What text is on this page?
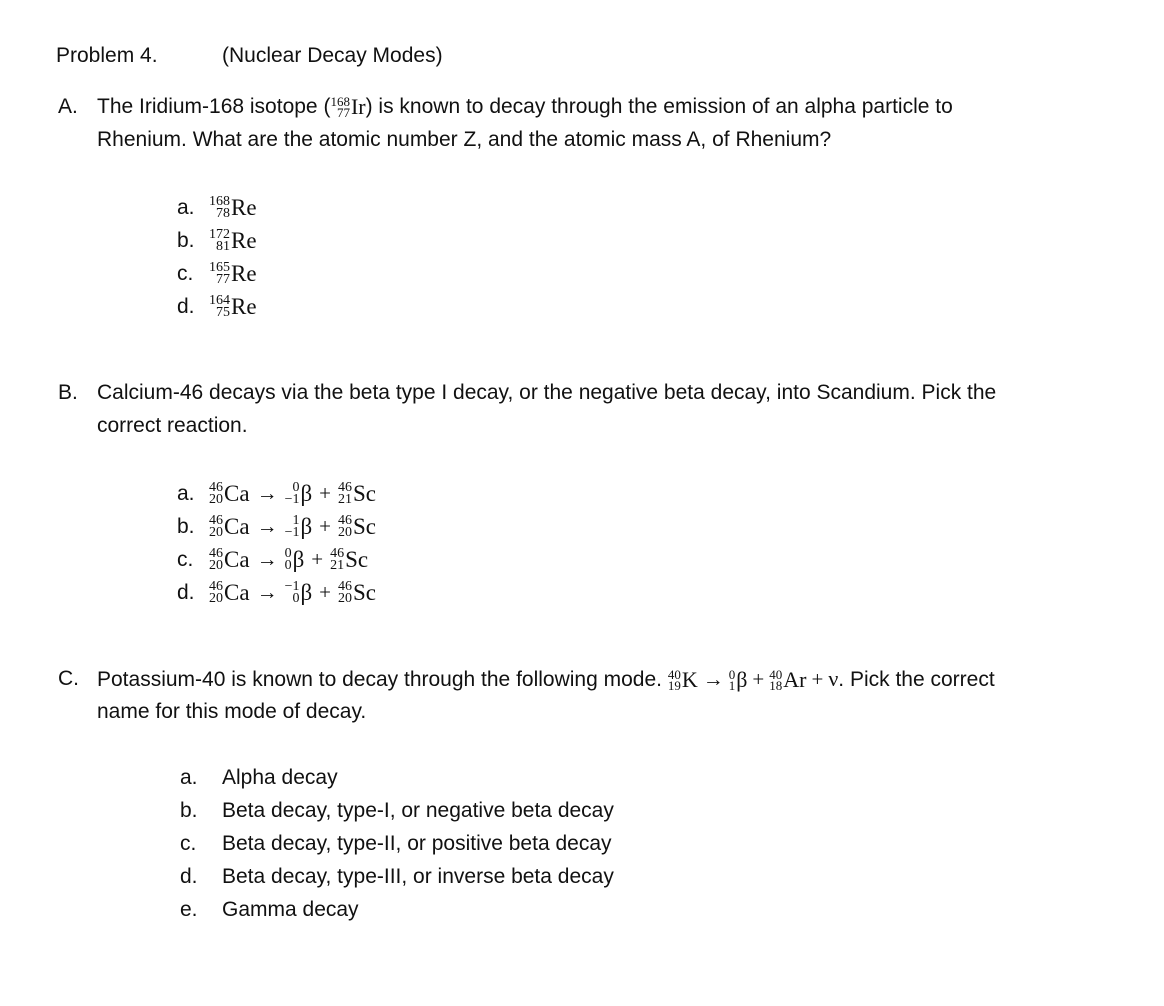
Problem 4.	(Nuclear Decay Modes)
A. The Iridium-168 isotope ( 168
77 Ir ) is known to decay through the emission of an alpha particle to
Rhenium. What are the atomic number Z, and the atomic mass A, of Rhenium?
a.	168
78 Re
b.	172
81 Re
c.	165
77 Re
d.	164
75 Re
B. Calcium-46 decays via the beta type I decay, or the negative beta decay, into Scandium. Pick the
correct reaction.
a.	46
20 Ca → 0
−1 β + 46
21 Sc
b.	46
20 Ca → 1
−1 β + 46
20 Sc
c.	46
20 Ca → 0
0 β + 46
21 Sc
d.	46
20 Ca → −1
0 β + 46
20 Sc
C. Potassium-40 is known to decay through the following mode. 40
19 K → 0
1 β + 40
18 Ar + ν. Pick the correct
name for this mode of decay.
a.	Alpha decay
b.	Beta decay, type-I, or negative beta decay
c.	Beta decay, type-II, or positive beta decay
d.	Beta decay, type-III, or inverse beta decay
e.	Gamma decay
